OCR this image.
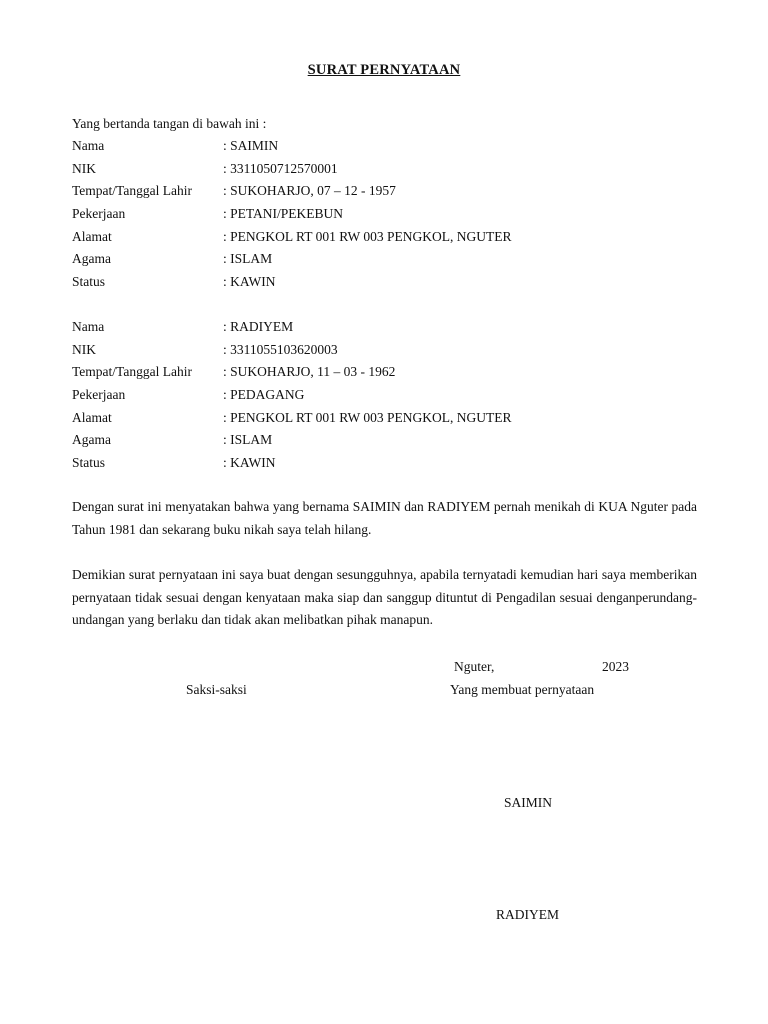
SURAT PERNYATAAN
Yang bertanda tangan di bawah ini :
Nama	: SAIMIN
NIK	: 3311050712570001
Tempat/Tanggal Lahir : SUKOHARJO, 07 – 12 - 1957
Pekerjaan	: PETANI/PEKEBUN
Alamat	: PENGKOL RT 001 RW 003 PENGKOL, NGUTER
Agama	: ISLAM
Status	: KAWIN
Nama	: RADIYEM
NIK	: 3311055103620003
Tempat/Tanggal Lahir : SUKOHARJO, 11 – 03 - 1962
Pekerjaan	: PEDAGANG
Alamat	: PENGKOL RT 001 RW 003 PENGKOL, NGUTER
Agama	: ISLAM
Status	: KAWIN
Dengan surat ini menyatakan bahwa yang bernama SAIMIN dan RADIYEM pernah menikah di KUA Nguter pada Tahun 1981 dan sekarang buku nikah saya telah hilang.
Demikian surat pernyataan ini saya buat dengan sesungguhnya, apabila ternyatadi kemudian hari saya memberikan pernyataan tidak sesuai dengan kenyataan maka siap dan sanggup dituntut di Pengadilan sesuai denganperundang-undangan yang berlaku dan tidak akan melibatkan pihak manapun.
Nguter,	2023
Saksi-saksi	Yang membuat pernyataan
SAIMIN
RADIYEM
